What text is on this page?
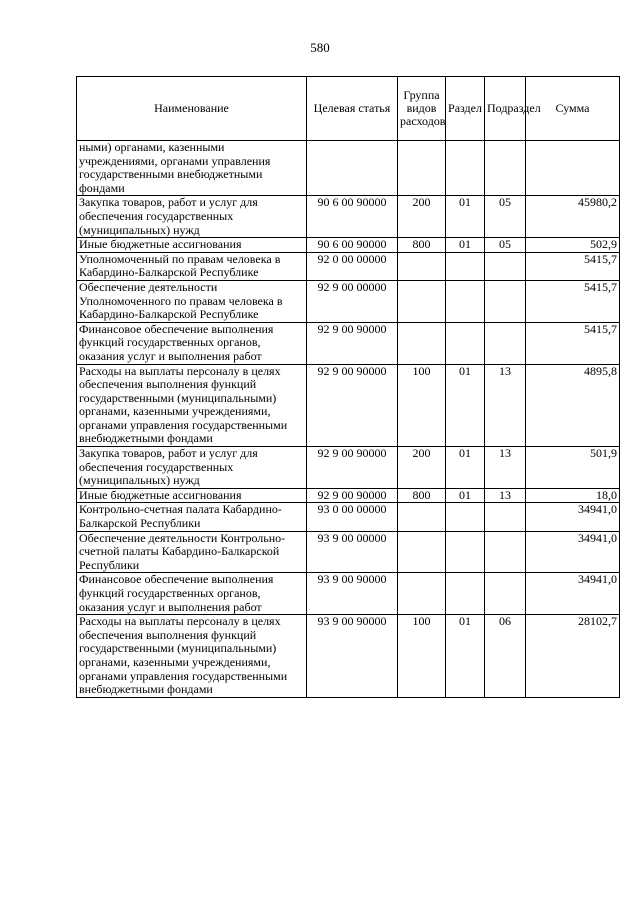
580
Наименование	Целевая статья	Группа видов расходов	Раздел	Подраздел	Сумма
ными) органами, казенными учреждениями, органами управления государственными внебюджетными фондами					
Закупка товаров, работ и услуг для обеспечения государственных (муниципальных) нужд	90 6 00 90000	200	01	05	45980,2
Иные бюджетные ассигнования	90 6 00 90000	800	01	05	502,9
Уполномоченный по правам человека в Кабардино-Балкарской Республике	92 0 00 00000				5415,7
Обеспечение деятельности Уполномоченного по правам человека в Кабардино-Балкарской Республике	92 9 00 00000				5415,7
Финансовое обеспечение выполнения функций государственных органов, оказания услуг и выполнения работ	92 9 00 90000				5415,7
Расходы на выплаты персоналу в целях обеспечения выполнения функций государственными (муниципальными) органами, казенными учреждениями, органами управления государственными внебюджетными фондами	92 9 00 90000	100	01	13	4895,8
Закупка товаров, работ и услуг для обеспечения государственных (муниципальных) нужд	92 9 00 90000	200	01	13	501,9
Иные бюджетные ассигнования	92 9 00 90000	800	01	13	18,0
Контрольно-счетная палата Кабардино-Балкарской Республики	93 0 00 00000				34941,0
Обеспечение деятельности Контрольно-счетной палаты Кабардино-Балкарской Республики	93 9 00 00000				34941,0
Финансовое обеспечение выполнения функций государственных органов, оказания услуг и выполнения работ	93 9 00 90000				34941,0
Расходы на выплаты персоналу в целях обеспечения выполнения функций государственными (муниципальными) органами, казенными учреждениями, органами управления государственными внебюджетными фондами	93 9 00 90000	100	01	06	28102,7
